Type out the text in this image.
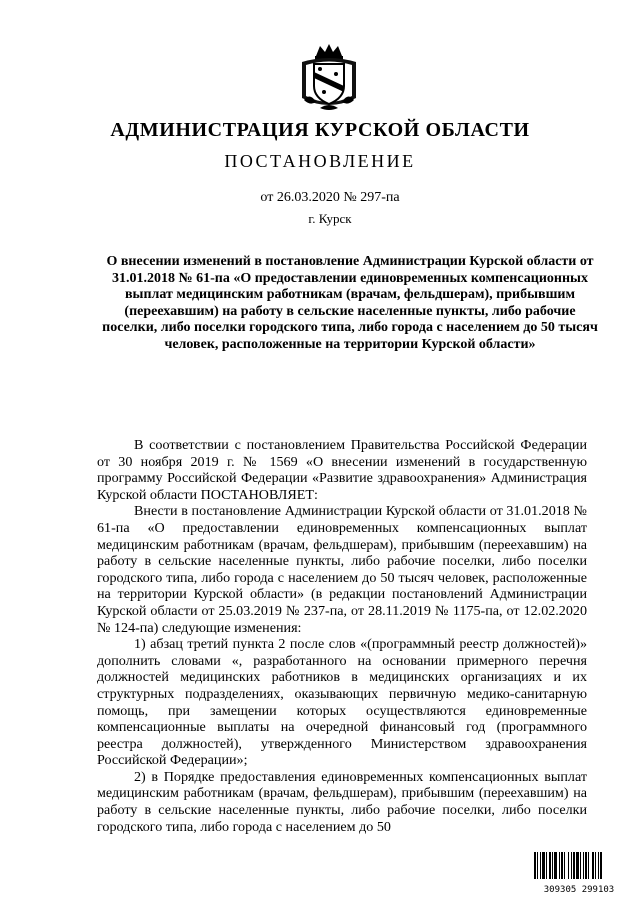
АДМИНИСТРАЦИЯ КУРСКОЙ ОБЛАСТИ
ПОСТАНОВЛЕНИЕ
от 26.03.2020 № 297-па
г. Курск
О внесении изменений в постановление Администрации Курской области от 31.01.2018 № 61-па «О предоставлении единовременных компенсационных выплат медицинским работникам (врачам, фельдшерам), прибывшим (переехавшим) на работу в сельские населенные пункты, либо рабочие поселки, либо поселки городского типа, либо города с населением до 50 тысяч человек, расположенные на территории Курской области»

В соответствии с постановлением Правительства Российской Федерации от 30 ноября 2019 г. № 1569 «О внесении изменений в государственную программу Российской Федерации «Развитие здравоохранения» Администрация Курской области ПОСТАНОВЛЯЕТ:

Внести в постановление Администрации Курской области от 31.01.2018 № 61-па «О предоставлении единовременных компенсационных выплат медицинским работникам (врачам, фельдшерам), прибывшим (переехавшим) на работу в сельские населенные пункты, либо рабочие поселки, либо поселки городского типа, либо города с населением до 50 тысяч человек, расположенные на территории Курской области» (в редакции постановлений Администрации Курской области от 25.03.2019 № 237-па, от 28.11.2019 № 1175-па, от 12.02.2020 № 124-па) следующие изменения:

1) абзац третий пункта 2 после слов «(программный реестр должностей)» дополнить словами «, разработанного на основании примерного перечня должностей медицинских работников в медицинских организациях и их структурных подразделениях, оказывающих первичную медико-санитарную помощь, при замещении которых осуществляются единовременные компенсационные выплаты на очередной финансовый год (программного реестра должностей), утвержденного Министерством здравоохранения Российской Федерации»;

2) в Порядке предоставления единовременных компенсационных выплат медицинским работникам (врачам, фельдшерам), прибывшим (переехавшим) на работу в сельские населенные пункты, либо рабочие поселки, либо поселки городского типа, либо города с населением до 50

309305 299103
